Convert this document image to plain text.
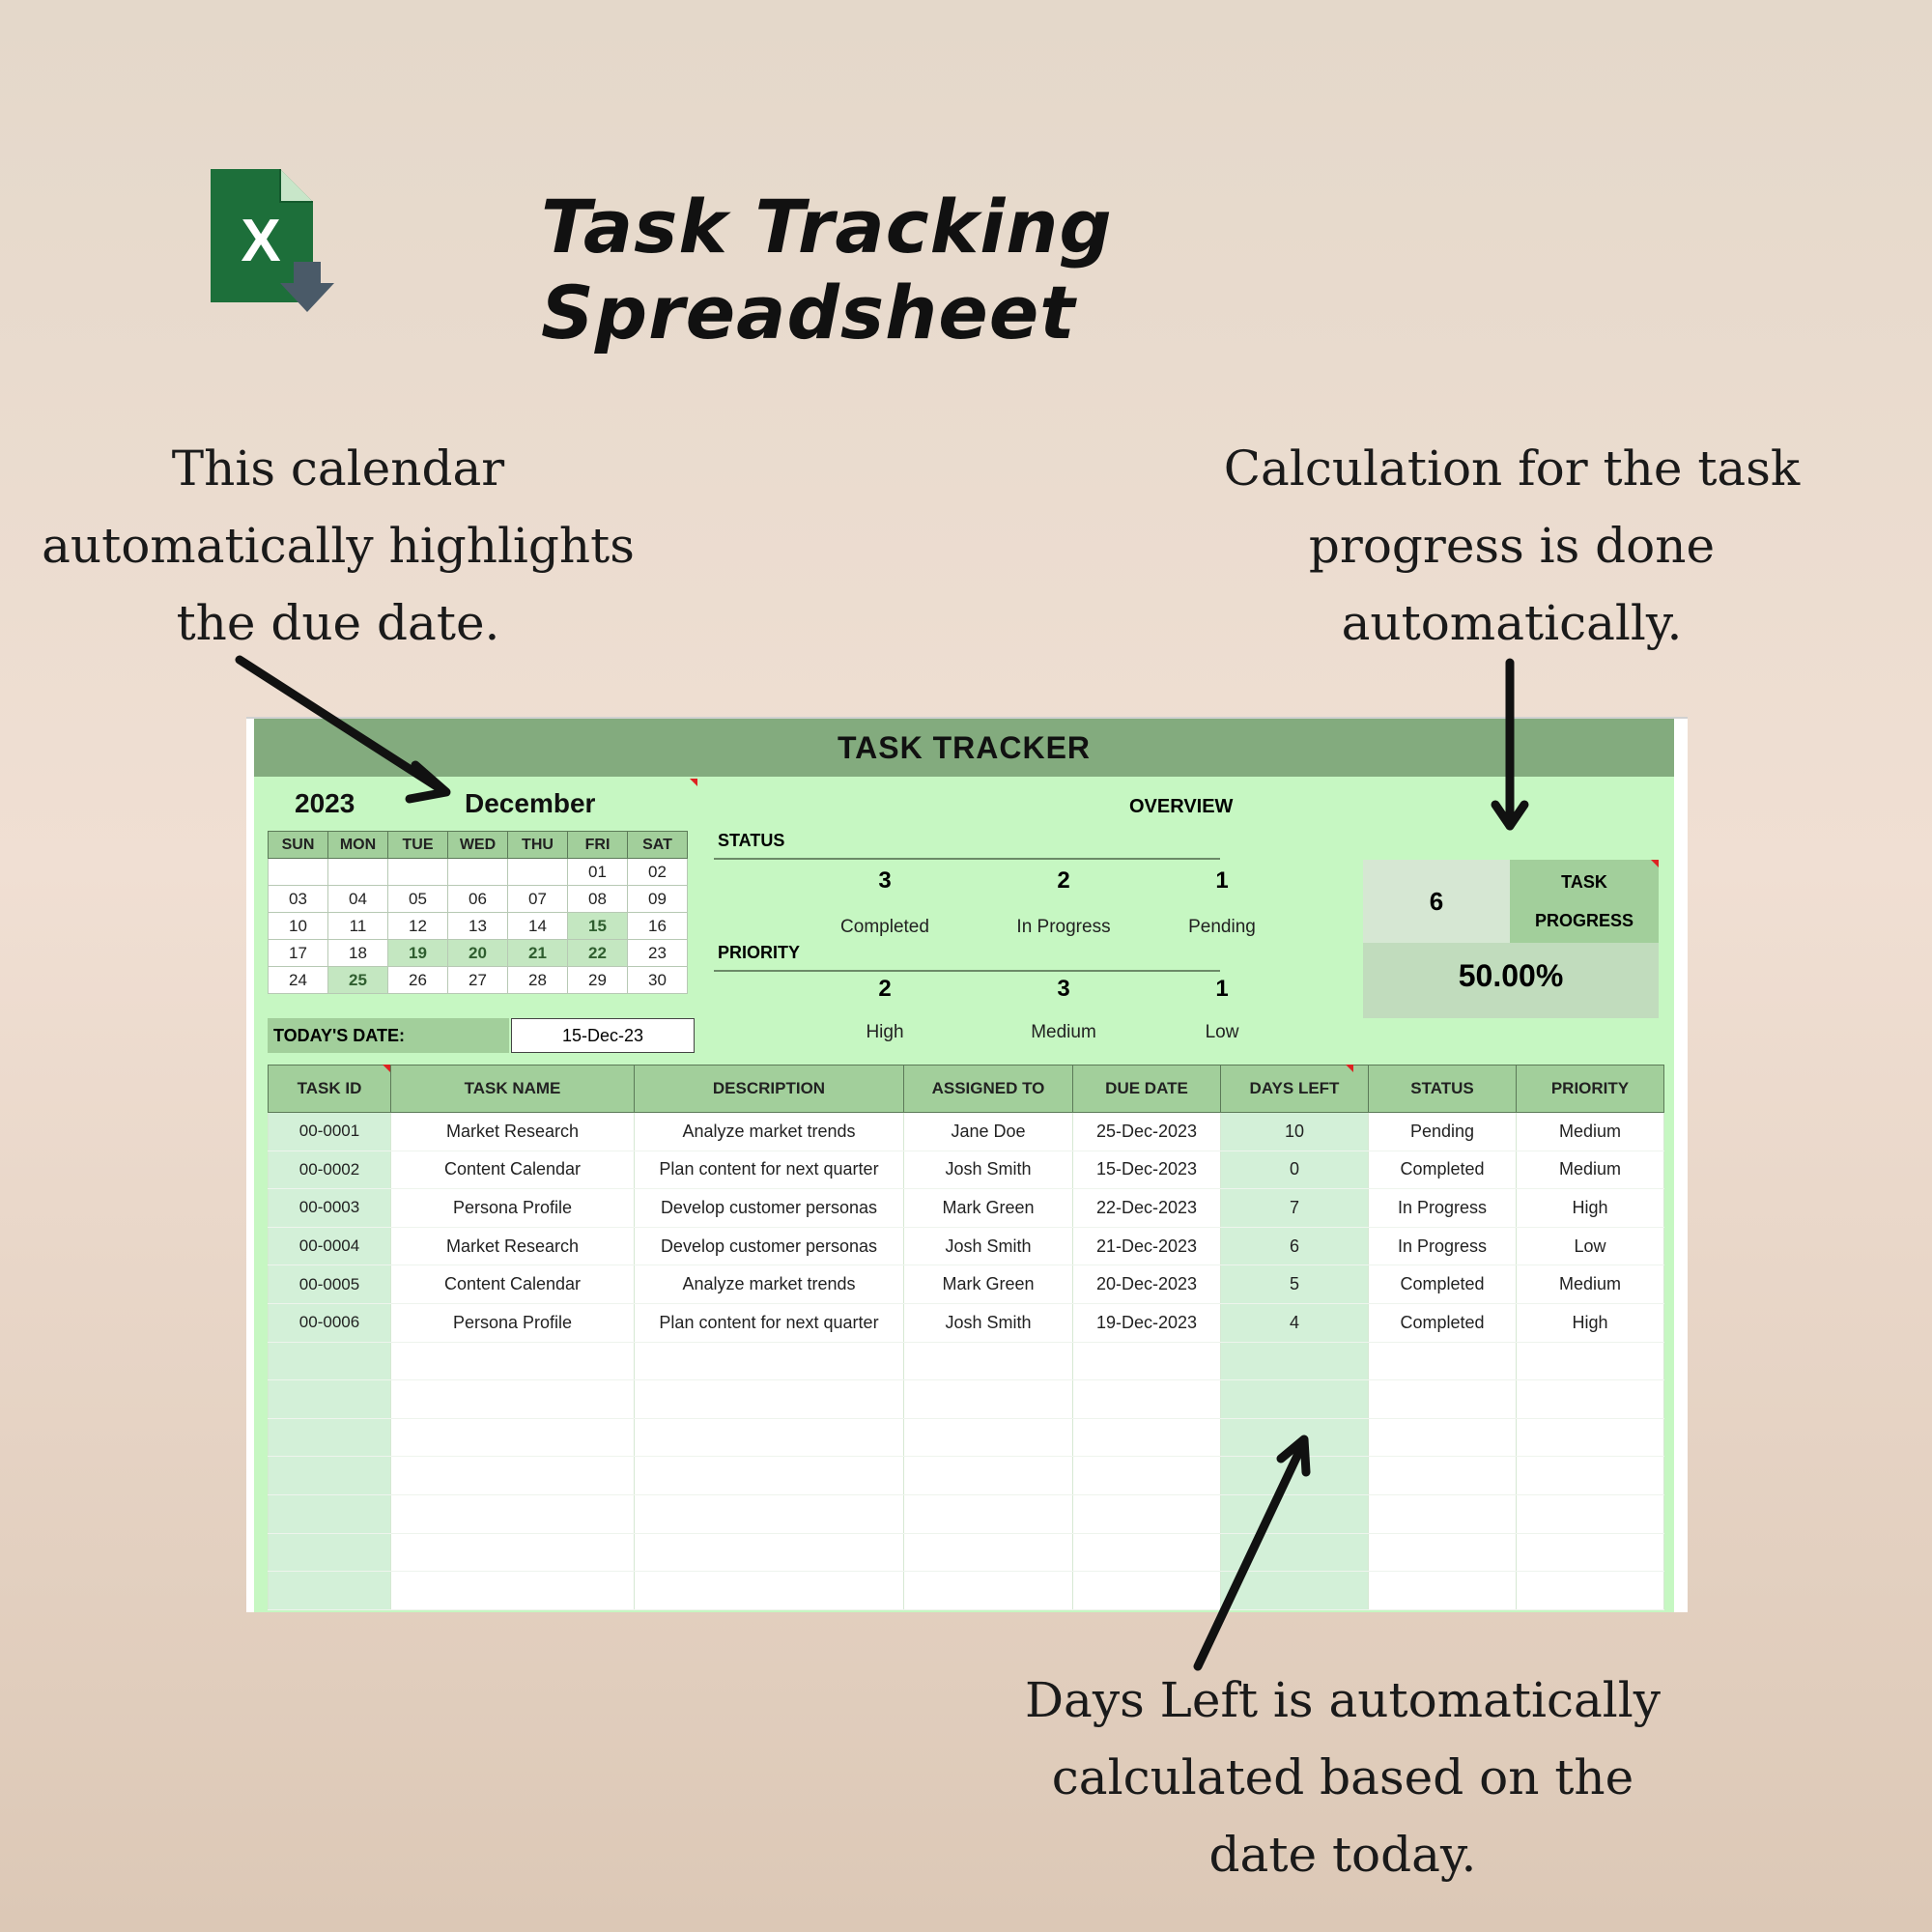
X	Task Tracking Spreadsheet
This calendar
automatically highlights
the due date.
Calculation for the task
progress is done
automatically.
Days Left is automatically
calculated based on the
date today.
TASK TRACKER
2023	December
SUN	MON	TUE	WED	THU	FRI	SAT
					01	02
03	04	05	06	07	08	09
10	11	12	13	14	15	16
17	18	19	20	21	22	23
24	25	26	27	28	29	30
TODAY'S DATE:	15-Dec-23
OVERVIEW
STATUS
3	2	1
Completed	In Progress	Pending
PRIORITY
2	3	1
High	Medium	Low
6
TASK
PROGRESS
50.00%
TASK ID	TASK NAME	DESCRIPTION	ASSIGNED TO	DUE DATE	DAYS LEFT	STATUS	PRIORITY
00-0001	Market Research	Analyze market trends	Jane Doe	25-Dec-2023	10	Pending	Medium
00-0002	Content Calendar	Plan content for next quarter	Josh Smith	15-Dec-2023	0	Completed	Medium
00-0003	Persona Profile	Develop customer personas	Mark Green	22-Dec-2023	7	In Progress	High
00-0004	Market Research	Develop customer personas	Josh Smith	21-Dec-2023	6	In Progress	Low
00-0005	Content Calendar	Analyze market trends	Mark Green	20-Dec-2023	5	Completed	Medium
00-0006	Persona Profile	Plan content for next quarter	Josh Smith	19-Dec-2023	4	Completed	High
